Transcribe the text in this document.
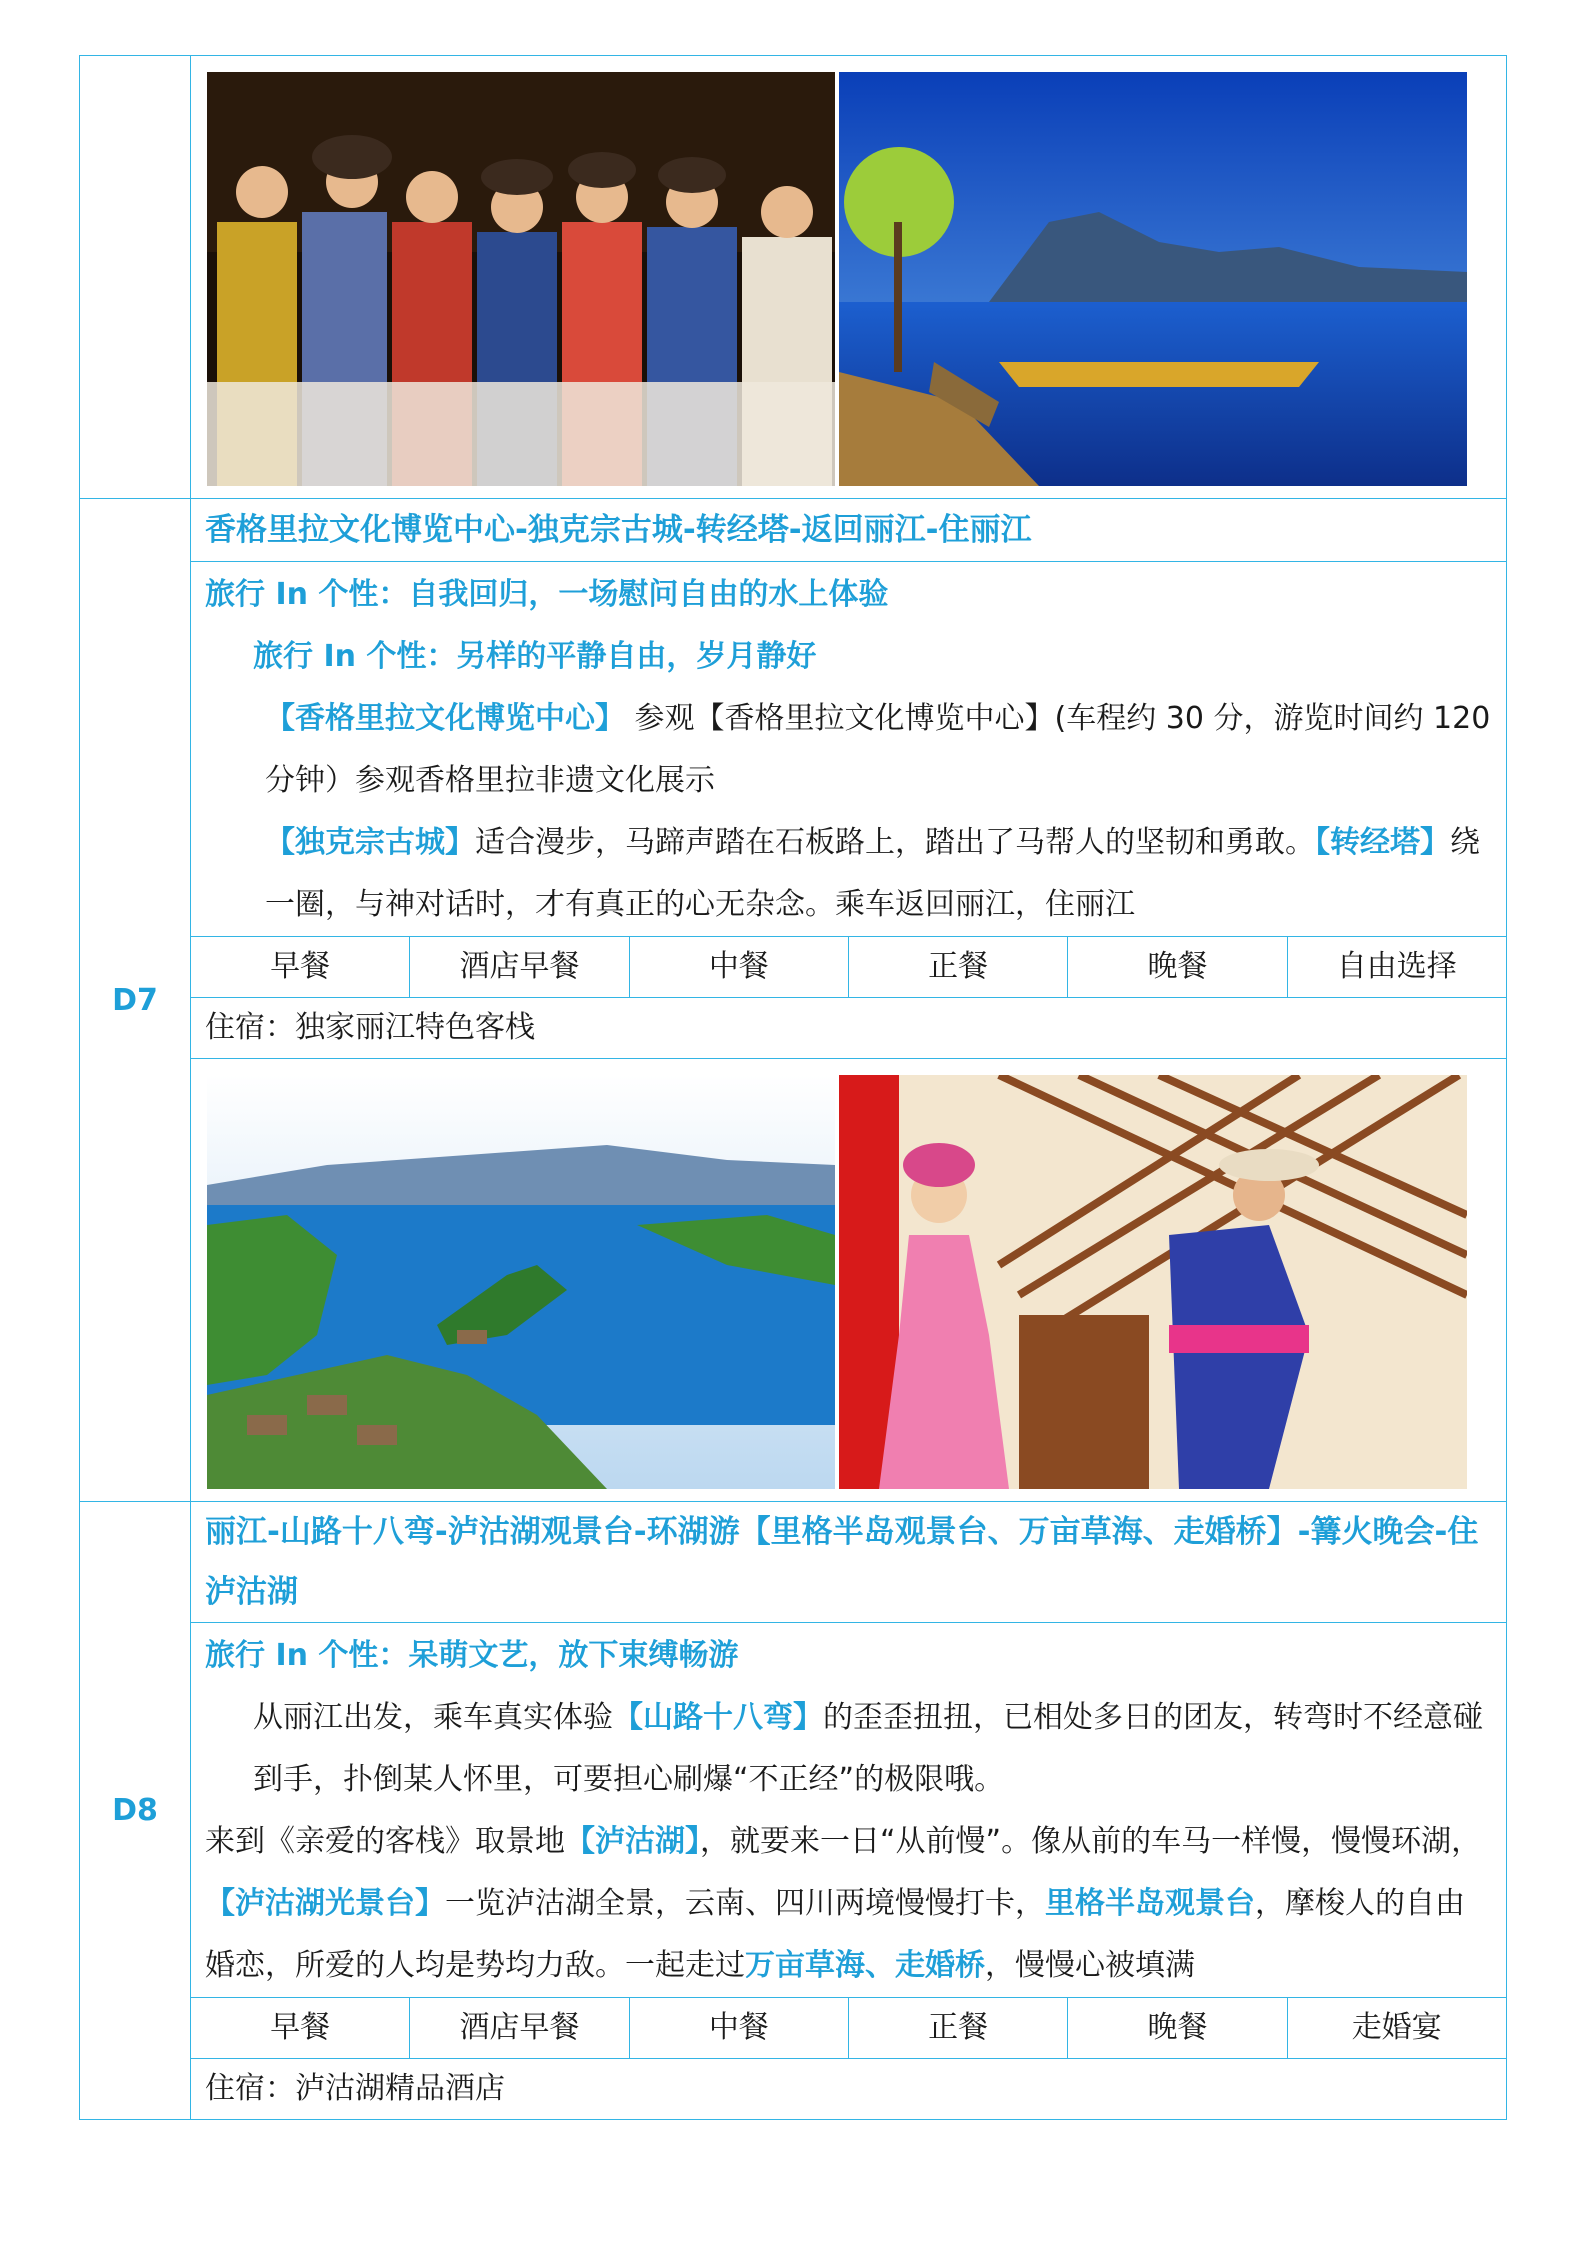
D7
香格里拉文化博览中心-独克宗古城-转经塔-返回丽江-住丽江
旅行 In 个性：自我回归，一场慰问自由的水上体验
旅行 In 个性：另样的平静自由，岁月静好
【香格里拉文化博览中心】 参观【香格里拉文化博览中心】(车程约 30 分，游览时间约 120 分钟）参观香格里拉非遗文化展示
【独克宗古城】适合漫步，马蹄声踏在石板路上，踏出了马帮人的坚韧和勇敢。【转经塔】绕一圈，与神对话时，才有真正的心无杂念。乘车返回丽江，住丽江
早餐	酒店早餐	中餐	正餐	晚餐	自由选择
住宿：独家丽江特色客栈
D8
丽江-山路十八弯-泸沽湖观景台-环湖游【里格半岛观景台、万亩草海、走婚桥】-篝火晚会-住泸沽湖
旅行 In 个性：呆萌文艺，放下束缚畅游
从丽江出发，乘车真实体验【山路十八弯】的歪歪扭扭，已相处多日的团友，转弯时不经意碰到手，扑倒某人怀里，可要担心刷爆“不正经”的极限哦。
来到《亲爱的客栈》取景地【泸沽湖】，就要来一日“从前慢”。像从前的车马一样慢，慢慢环湖，【泸沽湖光景台】一览泸沽湖全景，云南、四川两境慢慢打卡，里格半岛观景台，摩梭人的自由婚恋，所爱的人均是势均力敌。一起走过万亩草海、走婚桥，慢慢心被填满
早餐	酒店早餐	中餐	正餐	晚餐	走婚宴
住宿：泸沽湖精品酒店
